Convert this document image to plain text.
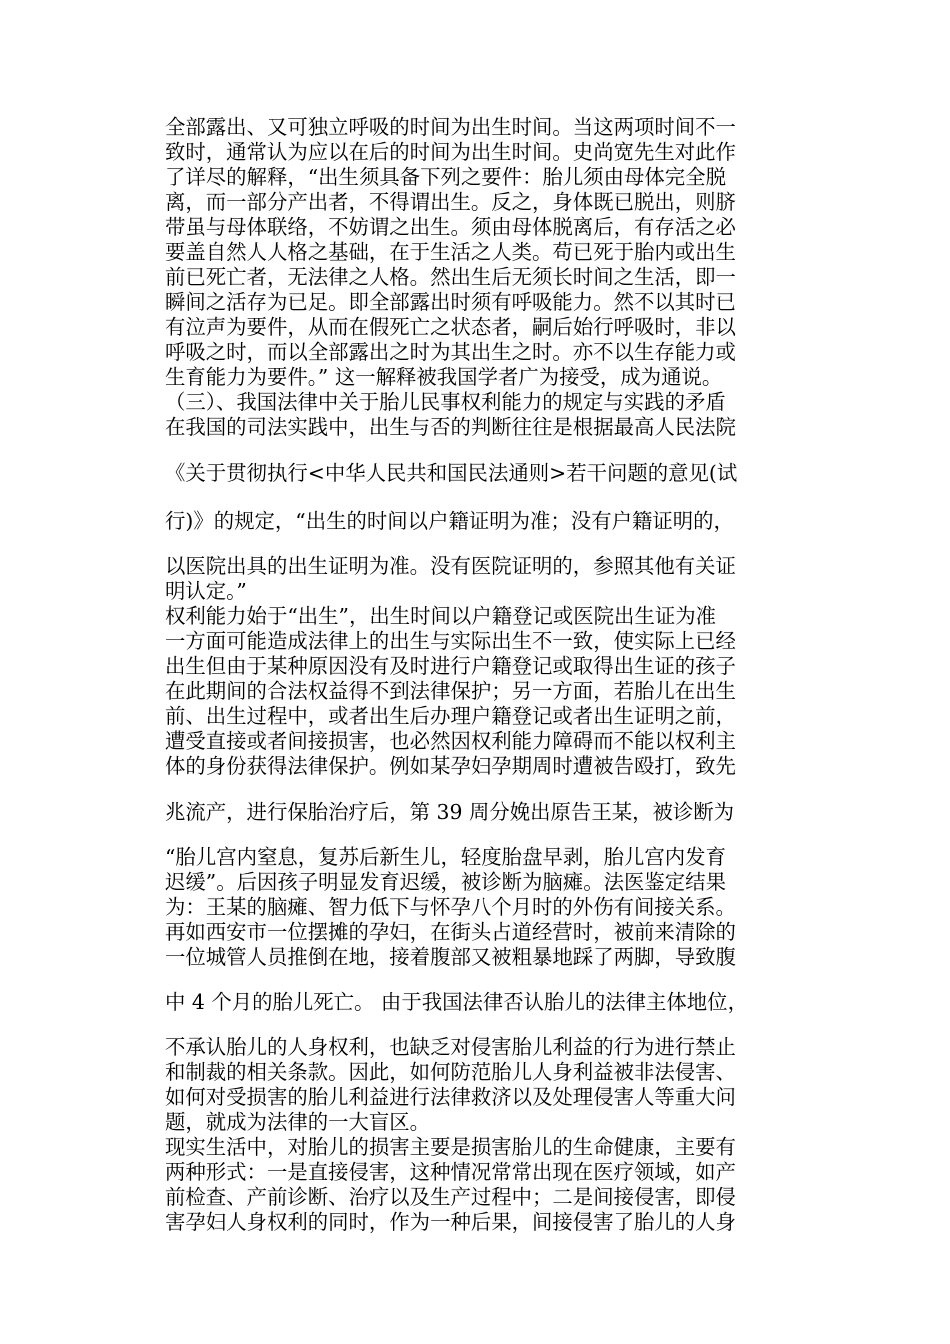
全部露出、又可独立呼吸的时间为出生时间。当这两项时间不一
致时，通常认为应以在后的时间为出生时间。史尚宽先生对此作
了详尽的解释，“出生须具备下列之要件：胎儿须由母体完全脱
离，而一部分产出者，不得谓出生。反之，身体既已脱出，则脐
带虽与母体联络，不妨谓之出生。须由母体脱离后，有存活之必
要盖自然人人格之基础，在于生活之人类。苟已死于胎内或出生
前已死亡者，无法律之人格。然出生后无须长时间之生活，即一
瞬间之活存为已足。即全部露出时须有呼吸能力。然不以其时已
有泣声为要件，从而在假死亡之状态者，嗣后始行呼吸时，非以
呼吸之时，而以全部露出之时为其出生之时。亦不以生存能力或
生育能力为要件。” 这一解释被我国学者广为接受，成为通说。
（三）、我国法律中关于胎儿民事权利能力的规定与实践的矛盾
在我国的司法实践中，出生与否的判断往往是根据最高人民法院
《关于贯彻执行<中华人民共和国民法通则>若干问题的意见(试
行)》的规定，“出生的时间以户籍证明为准；没有户籍证明的，
以医院出具的出生证明为准。没有医院证明的，参照其他有关证
明认定。”
权利能力始于“出生”，出生时间以户籍登记或医院出生证为准
一方面可能造成法律上的出生与实际出生不一致，使实际上已经
出生但由于某种原因没有及时进行户籍登记或取得出生证的孩子
在此期间的合法权益得不到法律保护；另一方面，若胎儿在出生
前、出生过程中，或者出生后办理户籍登记或者出生证明之前，
遭受直接或者间接损害，也必然因权利能力障碍而不能以权利主
体的身份获得法律保护。例如某孕妇孕期周时遭被告殴打，致先
兆流产，进行保胎治疗后，第 39 周分娩出原告王某，被诊断为
“胎儿宫内窒息，复苏后新生儿，轻度胎盘早剥，胎儿宫内发育
迟缓”。后因孩子明显发育迟缓，被诊断为脑瘫。法医鉴定结果
为：王某的脑瘫、智力低下与怀孕八个月时的外伤有间接关系。
再如西安市一位摆摊的孕妇，在街头占道经营时，被前来清除的
一位城管人员推倒在地，接着腹部又被粗暴地踩了两脚，导致腹
中 4 个月的胎儿死亡。 由于我国法律否认胎儿的法律主体地位，
不承认胎儿的人身权利，也缺乏对侵害胎儿利益的行为进行禁止
和制裁的相关条款。因此，如何防范胎儿人身利益被非法侵害、
如何对受损害的胎儿利益进行法律救济以及处理侵害人等重大问
题，就成为法律的一大盲区。
现实生活中，对胎儿的损害主要是损害胎儿的生命健康，主要有
两种形式：一是直接侵害，这种情况常常出现在医疗领域，如产
前检查、产前诊断、治疗以及生产过程中；二是间接侵害，即侵
害孕妇人身权利的同时，作为一种后果，间接侵害了胎儿的人身
